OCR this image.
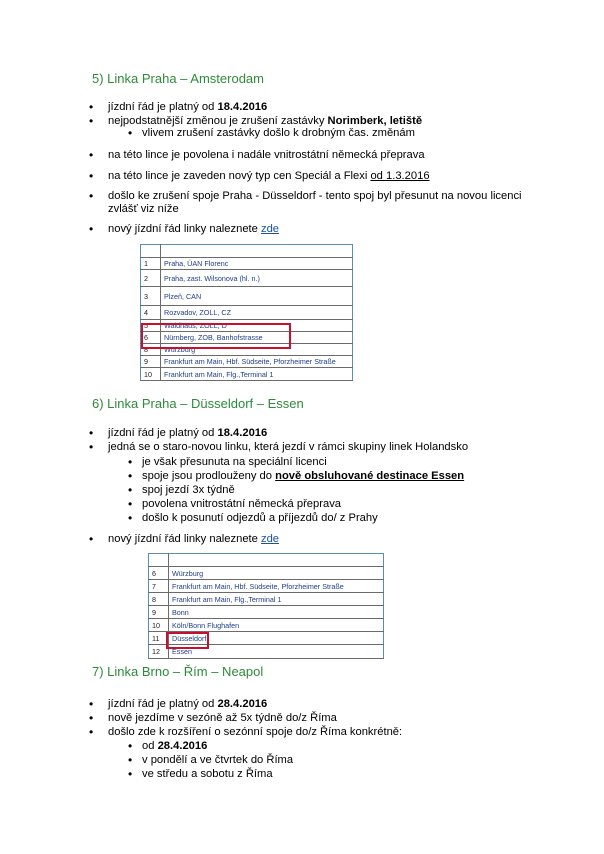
5) Linka Praha – Amsterodam
• jízdní řád je platný od 18.4.2016
• nejpodstatnější změnou je zrušení zastávky Norimberk, letiště
• vlivem zrušení zastávky došlo k drobným čas. změnám
• na této lince je povolena i nadále vnitrostátní německá přeprava
• na této lince je zaveden nový typ cen Speciál a Flexi od 1.3.2016
• došlo ke zrušení spoje Praha - Düsseldorf - tento spoj byl přesunut na novou licenci
zvlášť viz níže
• nový jízdní řád linky naleznete zde

1	Praha, ÚAN Florenc
2	Praha, zast. Wilsonova (hl. n.)
3	Plzeň, CAN
4	Rozvadov, ZOLL, CZ
5	Waidhaus, ZOLL, D
6	Nürnberg, ZOB, Banhofstrasse
8	Würzburg
9	Frankfurt am Main, Hbf. Südseite, Pforzheimer Straße
10	Frankfurt am Main, Flg.,Terminal 1
6) Linka Praha – Düsseldorf – Essen
• jízdní řád je platný od 18.4.2016
• jedná se o staro-novou linku, která jezdí v rámci skupiny linek Holandsko
• je však přesunuta na speciální licenci
• spoje jsou prodlouženy do nově obsluhované destinace Essen
• spoj jezdí 3x týdně
• povolena vnitrostátní německá přeprava
• došlo k posunutí odjezdů a příjezdů do/ z Prahy
• nový jízdní řád linky naleznete zde

6	Würzburg
7	Frankfurt am Main, Hbf. Südseite, Pforzheimer Straße
8	Frankfurt am Main, Flg.,Terminal 1
9	Bonn
10	Köln/Bonn Flughafen
11	Düsseldorf
12	Essen
7) Linka Brno – Řím – Neapol
• jízdní řád je platný od 28.4.2016
• nově jezdíme v sezóně až 5x týdně do/z Říma
• došlo zde k rozšíření o sezónní spoje do/z Říma konkrétně:
• od 28.4.2016
• v pondělí a ve čtvrtek do Říma
• ve středu a sobotu z Říma
